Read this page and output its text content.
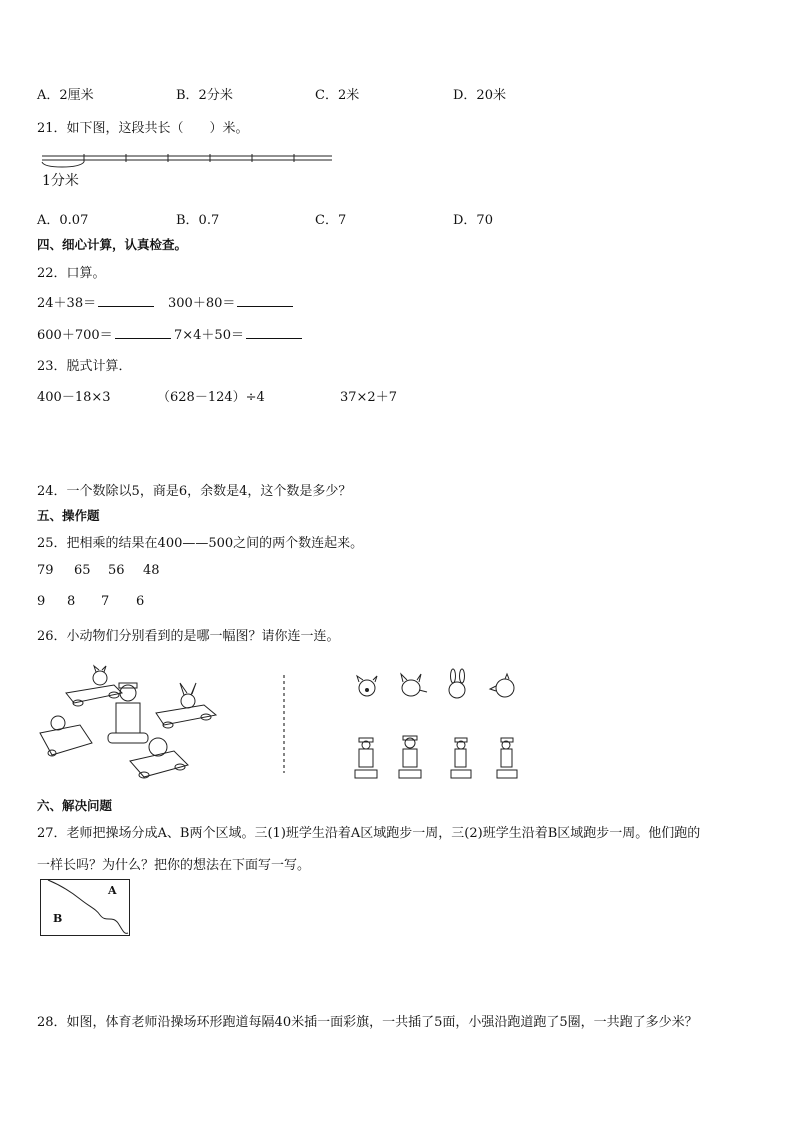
A．2厘米	B．2分米	C．2米	D．20米
21．如下图，这段共长（　　）米。
1分米
A．0.07	B．0.7	C．7	D．70
四、细心计算，认真检查。
22．口算。
24＋38＝	300＋80＝
600＋700＝	7×4＋50＝
23．脱式计算．
400－18×3	（628－124）÷4	37×2＋7
24．一个数除以5，商是6，余数是4，这个数是多少？
五、操作题
25．把相乘的结果在400——500之间的两个数连起来。
79 65 56 48
9 8 7 6
26．小动物们分别看到的是哪一幅图？请你连一连。
六、解决问题
27．老师把操场分成A、B两个区域。三(1)班学生沿着A区域跑步一周，三(2)班学生沿着B区域跑步一周。他们跑的
一样长吗？为什么？把你的想法在下面写一写。
A
B
28．如图，体育老师沿操场环形跑道每隔40米插一面彩旗，一共插了5面，小强沿跑道跑了5圈，一共跑了多少米？
